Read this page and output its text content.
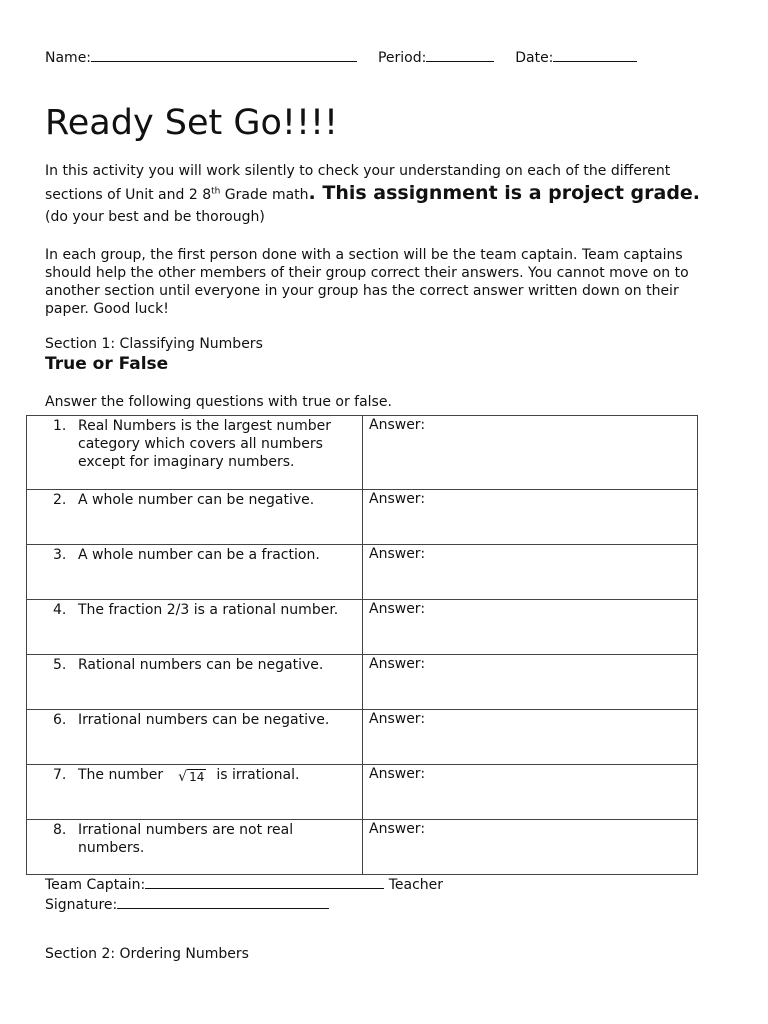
Name:	Period:	Date:
Ready Set Go!!!!

In this activity you will work silently to check your understanding on each of the different sections of Unit and 2 8th Grade math. This assignment is a project grade. (do your best and be thorough)

In each group, the first person done with a section will be the team captain. Team captains should help the other members of their group correct their answers. You cannot move on to another section until everyone in your group has the correct answer written down on their paper. Good luck!

Section 1: Classifying Numbers

True or False

Answer the following questions with true or false.

1. Real Numbers is the largest number category which covers all numbers except for imaginary numbers.	Answer:

2. A whole number can be negative.	Answer:

3. A whole number can be a fraction.	Answer:

4. The fraction 2/3 is a rational number.	Answer:

5. Rational numbers can be negative.	Answer:

6. Irrational numbers can be negative.	Answer:

7. The number √ 14 is irrational.	Answer:

8. Irrational numbers are not real numbers.	Answer:
Team Captain:	Teacher
Signature:

Section 2: Ordering Numbers
